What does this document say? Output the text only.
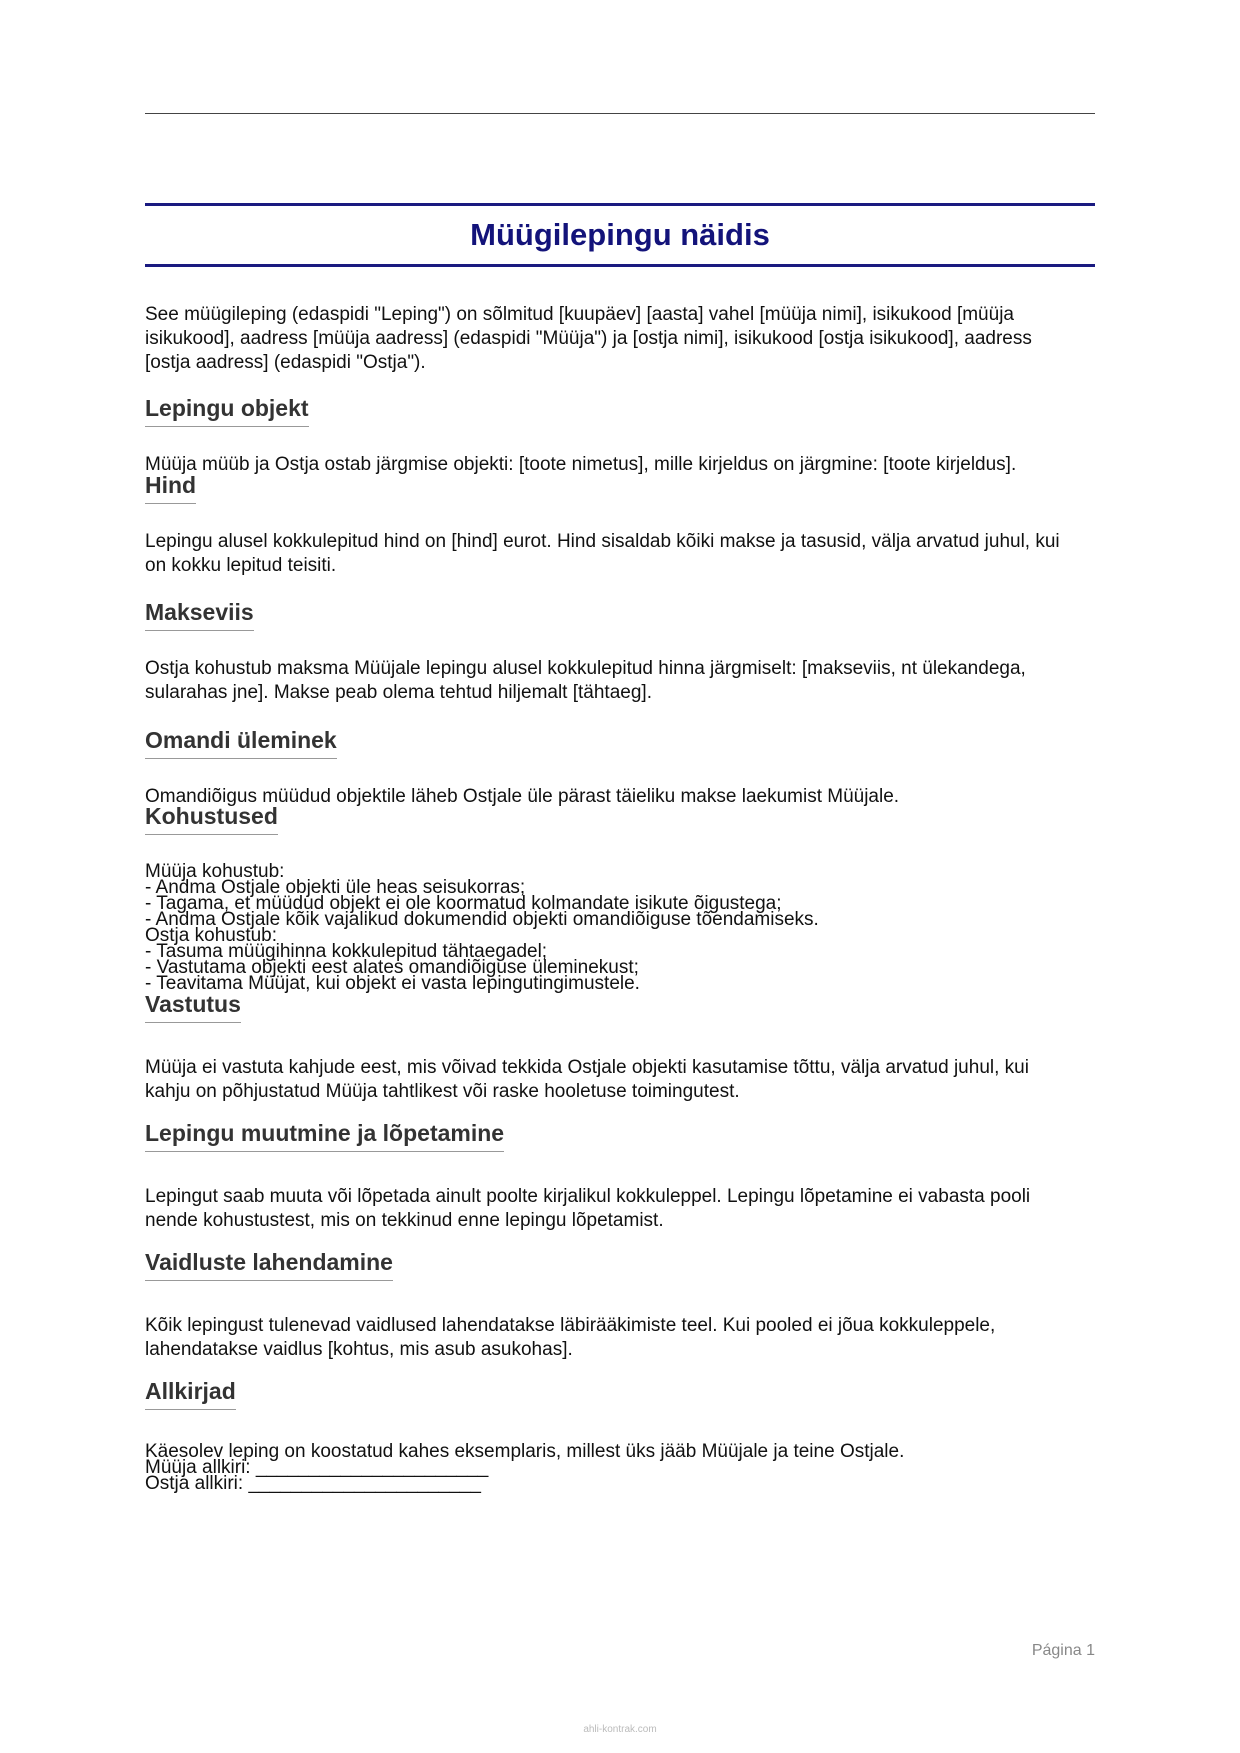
Müügilepingu näidis

See müügileping (edaspidi "Leping") on sõlmitud [kuupäev] [aasta] vahel [müüja nimi], isikukood [müüja isikukood], aadress [müüja aadress] (edaspidi "Müüja") ja [ostja nimi], isikukood [ostja isikukood], aadress [ostja aadress] (edaspidi "Ostja").

Lepingu objekt

Müüja müüb ja Ostja ostab järgmise objekti: [toote nimetus], mille kirjeldus on järgmine: [toote kirjeldus].

Hind

Lepingu alusel kokkulepitud hind on [hind] eurot. Hind sisaldab kõiki makse ja tasusid, välja arvatud juhul, kui on kokku lepitud teisiti.

Makseviis

Ostja kohustub maksma Müüjale lepingu alusel kokkulepitud hinna järgmiselt: [makseviis, nt ülekandega, sularahas jne]. Makse peab olema tehtud hiljemalt [tähtaeg].

Omandi üleminek

Omandiõigus müüdud objektile läheb Ostjale üle pärast täieliku makse laekumist Müüjale.

Kohustused
Müüja kohustub:
- Andma Ostjale objekti üle heas seisukorras;
- Tagama, et müüdud objekt ei ole koormatud kolmandate isikute õigustega;
- Andma Ostjale kõik vajalikud dokumendid objekti omandiõiguse tõendamiseks.
Ostja kohustub:
- Tasuma müügihinna kokkulepitud tähtaegadel;
- Vastutama objekti eest alates omandiõiguse üleminekust;
- Teavitama Müüjat, kui objekt ei vasta lepingutingimustele.
Vastutus

Müüja ei vastuta kahjude eest, mis võivad tekkida Ostjale objekti kasutamise tõttu, välja arvatud juhul, kui kahju on põhjustatud Müüja tahtlikest või raske hooletuse toimingutest.

Lepingu muutmine ja lõpetamine

Lepingut saab muuta või lõpetada ainult poolte kirjalikul kokkuleppel. Lepingu lõpetamine ei vabasta pooli nende kohustustest, mis on tekkinud enne lepingu lõpetamist.

Vaidluste lahendamine

Kõik lepingust tulenevad vaidlused lahendatakse läbirääkimiste teel. Kui pooled ei jõua kokkuleppele, lahendatakse vaidlus [kohtus, mis asub asukohas].

Allkirjad
Käesolev leping on koostatud kahes eksemplaris, millest üks jääb Müüjale ja teine Ostjale.
Müüja allkiri: ______________________
Ostja allkiri: ______________________
Página 1
ahli-kontrak.com
